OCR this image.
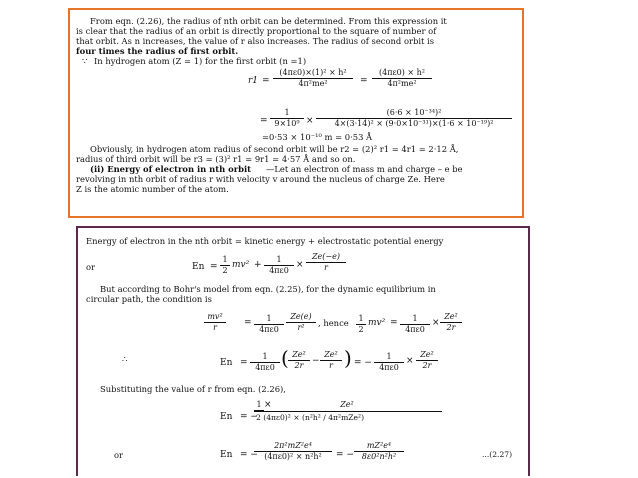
From eqn. (2.26), the radius of nth orbit can be determined. From this expression it
is clear that the radius of an orbit is directly proportional to the square of number of
that orbit. As n increases, the value of r also increases. The radius of second orbit is
four times the radius of first orbit.
∵ In hydrogen atom (Z = 1) for the first orbit (n =1)
$r1 = \frac{\text{(4πε0)×(1)² × h²}}{\text{4π²me²}} = \frac{\text{(4πε0) × h²}}{\text{4π²me²}}$
= $\frac{1}{\text{9×10⁹}} \times \frac{\text{(6·6 × 10⁻³⁴)²}}{\text{4×(3·14)² × (9·0×10⁻³¹)×(1·6 × 10⁻¹⁹)²}}$
=0·53 × 10⁻¹⁰ m = 0·53 Å
Obviously, in hydrogen atom radius of second orbit will be r2 = (2)² r1 = 4r1 = 2·12 Å,
radius of third orbit will be r3 = (3)² r1 = 9r1 = 4·57 Å and so on.
(ii) Energy of electron in nth orbit —Let an electron of mass m and charge – e be
revolving in nth orbit of radius r with velocity v around the nucleus of charge Ze. Here
Z is the atomic number of the atom.
Energy of electron in the nth orbit = kinetic energy + electrostatic potential energy
or	$En = \frac{1}{2} mv^2 + \frac{1}{4\pi\varepsilon 0} \times \frac{Ze(-e)}{r}$
But according to Bohr's model from eqn. (2.25), for the dynamic equilibrium in
circular path, the condition is
$\frac{\text{mv²}}{r} = \frac{1}{4\pi\varepsilon 0} \frac{Ze(e)}{\text{r²}}$ , hence $\frac{1}{2} mv^2 = \frac{1}{4\pi\varepsilon 0} \times \frac{\text{Ze²}}{2r}$
∴	$En = \frac{1}{4\pi\varepsilon 0}$ ( $\frac{\text{Ze²}}{2r} - \frac{\text{Ze²}}{r}$ ) = − $\frac{1}{4\pi\varepsilon 0} \times \frac{\text{Ze²}}{2r}$
Substituting the value of r from eqn. (2.26),
En = −
1 ×	Ze²
2 (4πε0)² × (n²h² / 4π²mZe²)
or	En = −
$\frac{\text{2π²mZ²e⁴}}{\text{(4πε0)² × n²h²}}$ = − $\frac{\text{mZ²e⁴}}{\text{8ε0²n²h²}}$	...(2.27)
